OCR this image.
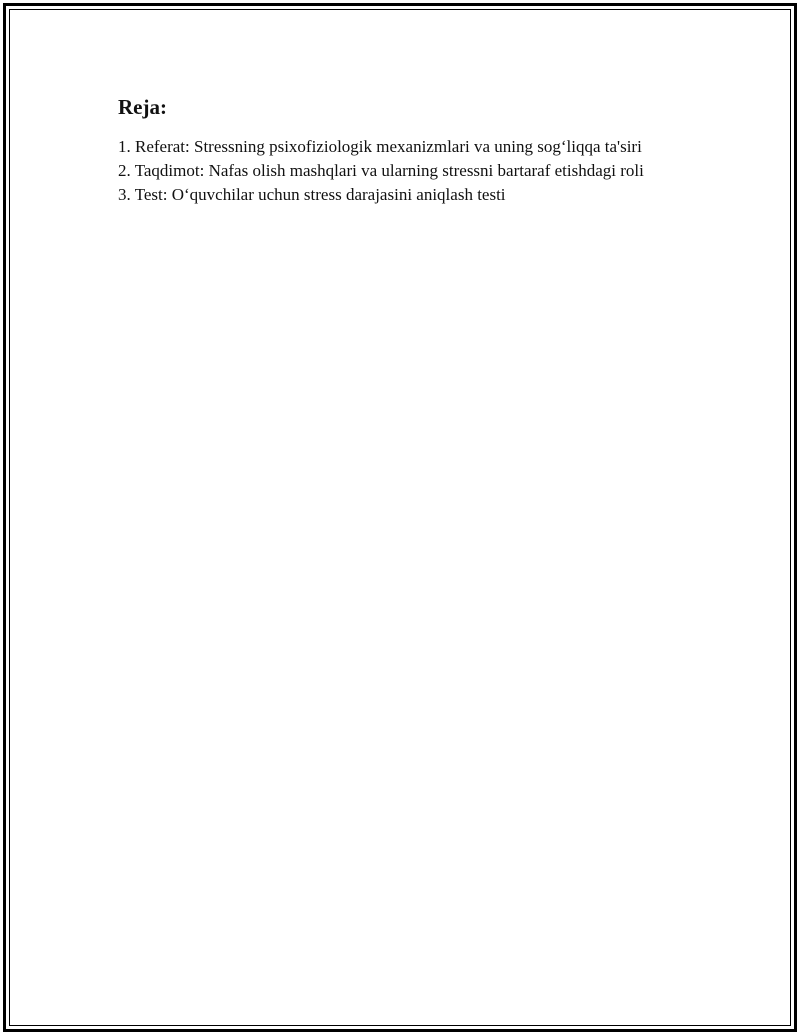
Reja:
1. Referat: Stressning psixofiziologik mexanizmlari va uning sog‘liqqa ta'siri
2. Taqdimot: Nafas olish mashqlari va ularning stressni bartaraf etishdagi roli
3. Test: O‘quvchilar uchun stress darajasini aniqlash testi
